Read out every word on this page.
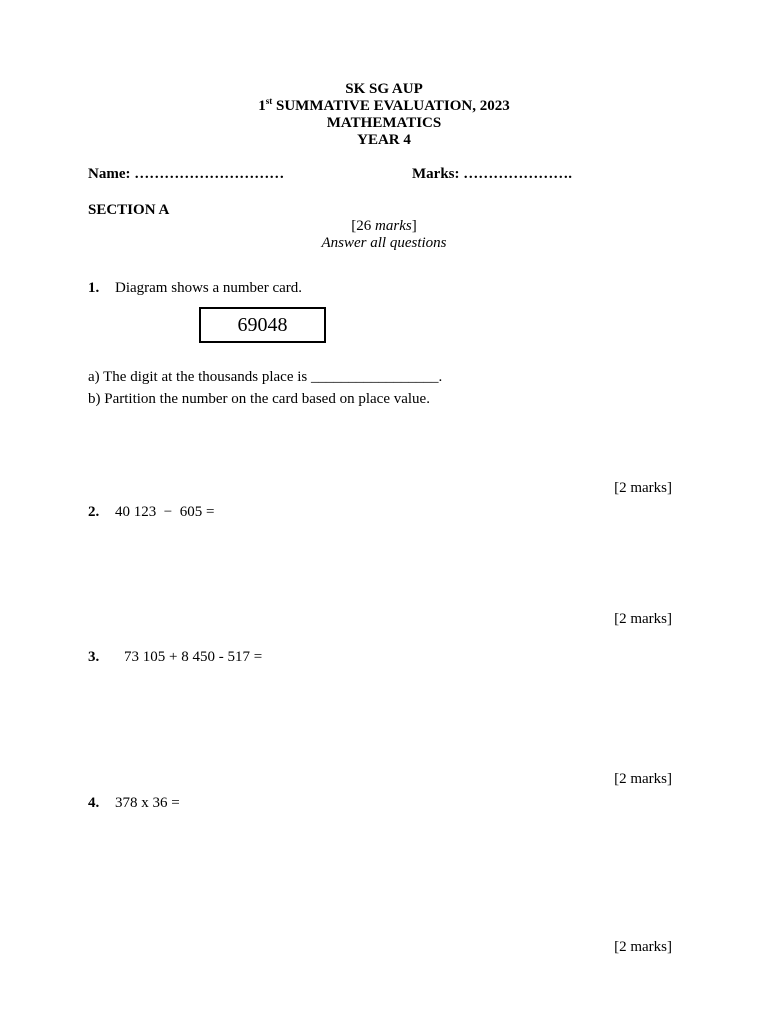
SK SG AUP
1st SUMMATIVE EVALUATION, 2023
MATHEMATICS
YEAR 4
Name: …………………………	Marks: ………………….
SECTION A
[26 marks]
Answer all questions
1. Diagram shows a number card.
69048
a) The digit at the thousands place is _________________.
b) Partition the number on the card based on place value.
[2 marks]
2. 40 123  −  605 =
[2 marks]
3. 73 105 + 8 450 - 517 =
[2 marks]
4. 378 x 36 =
[2 marks]
